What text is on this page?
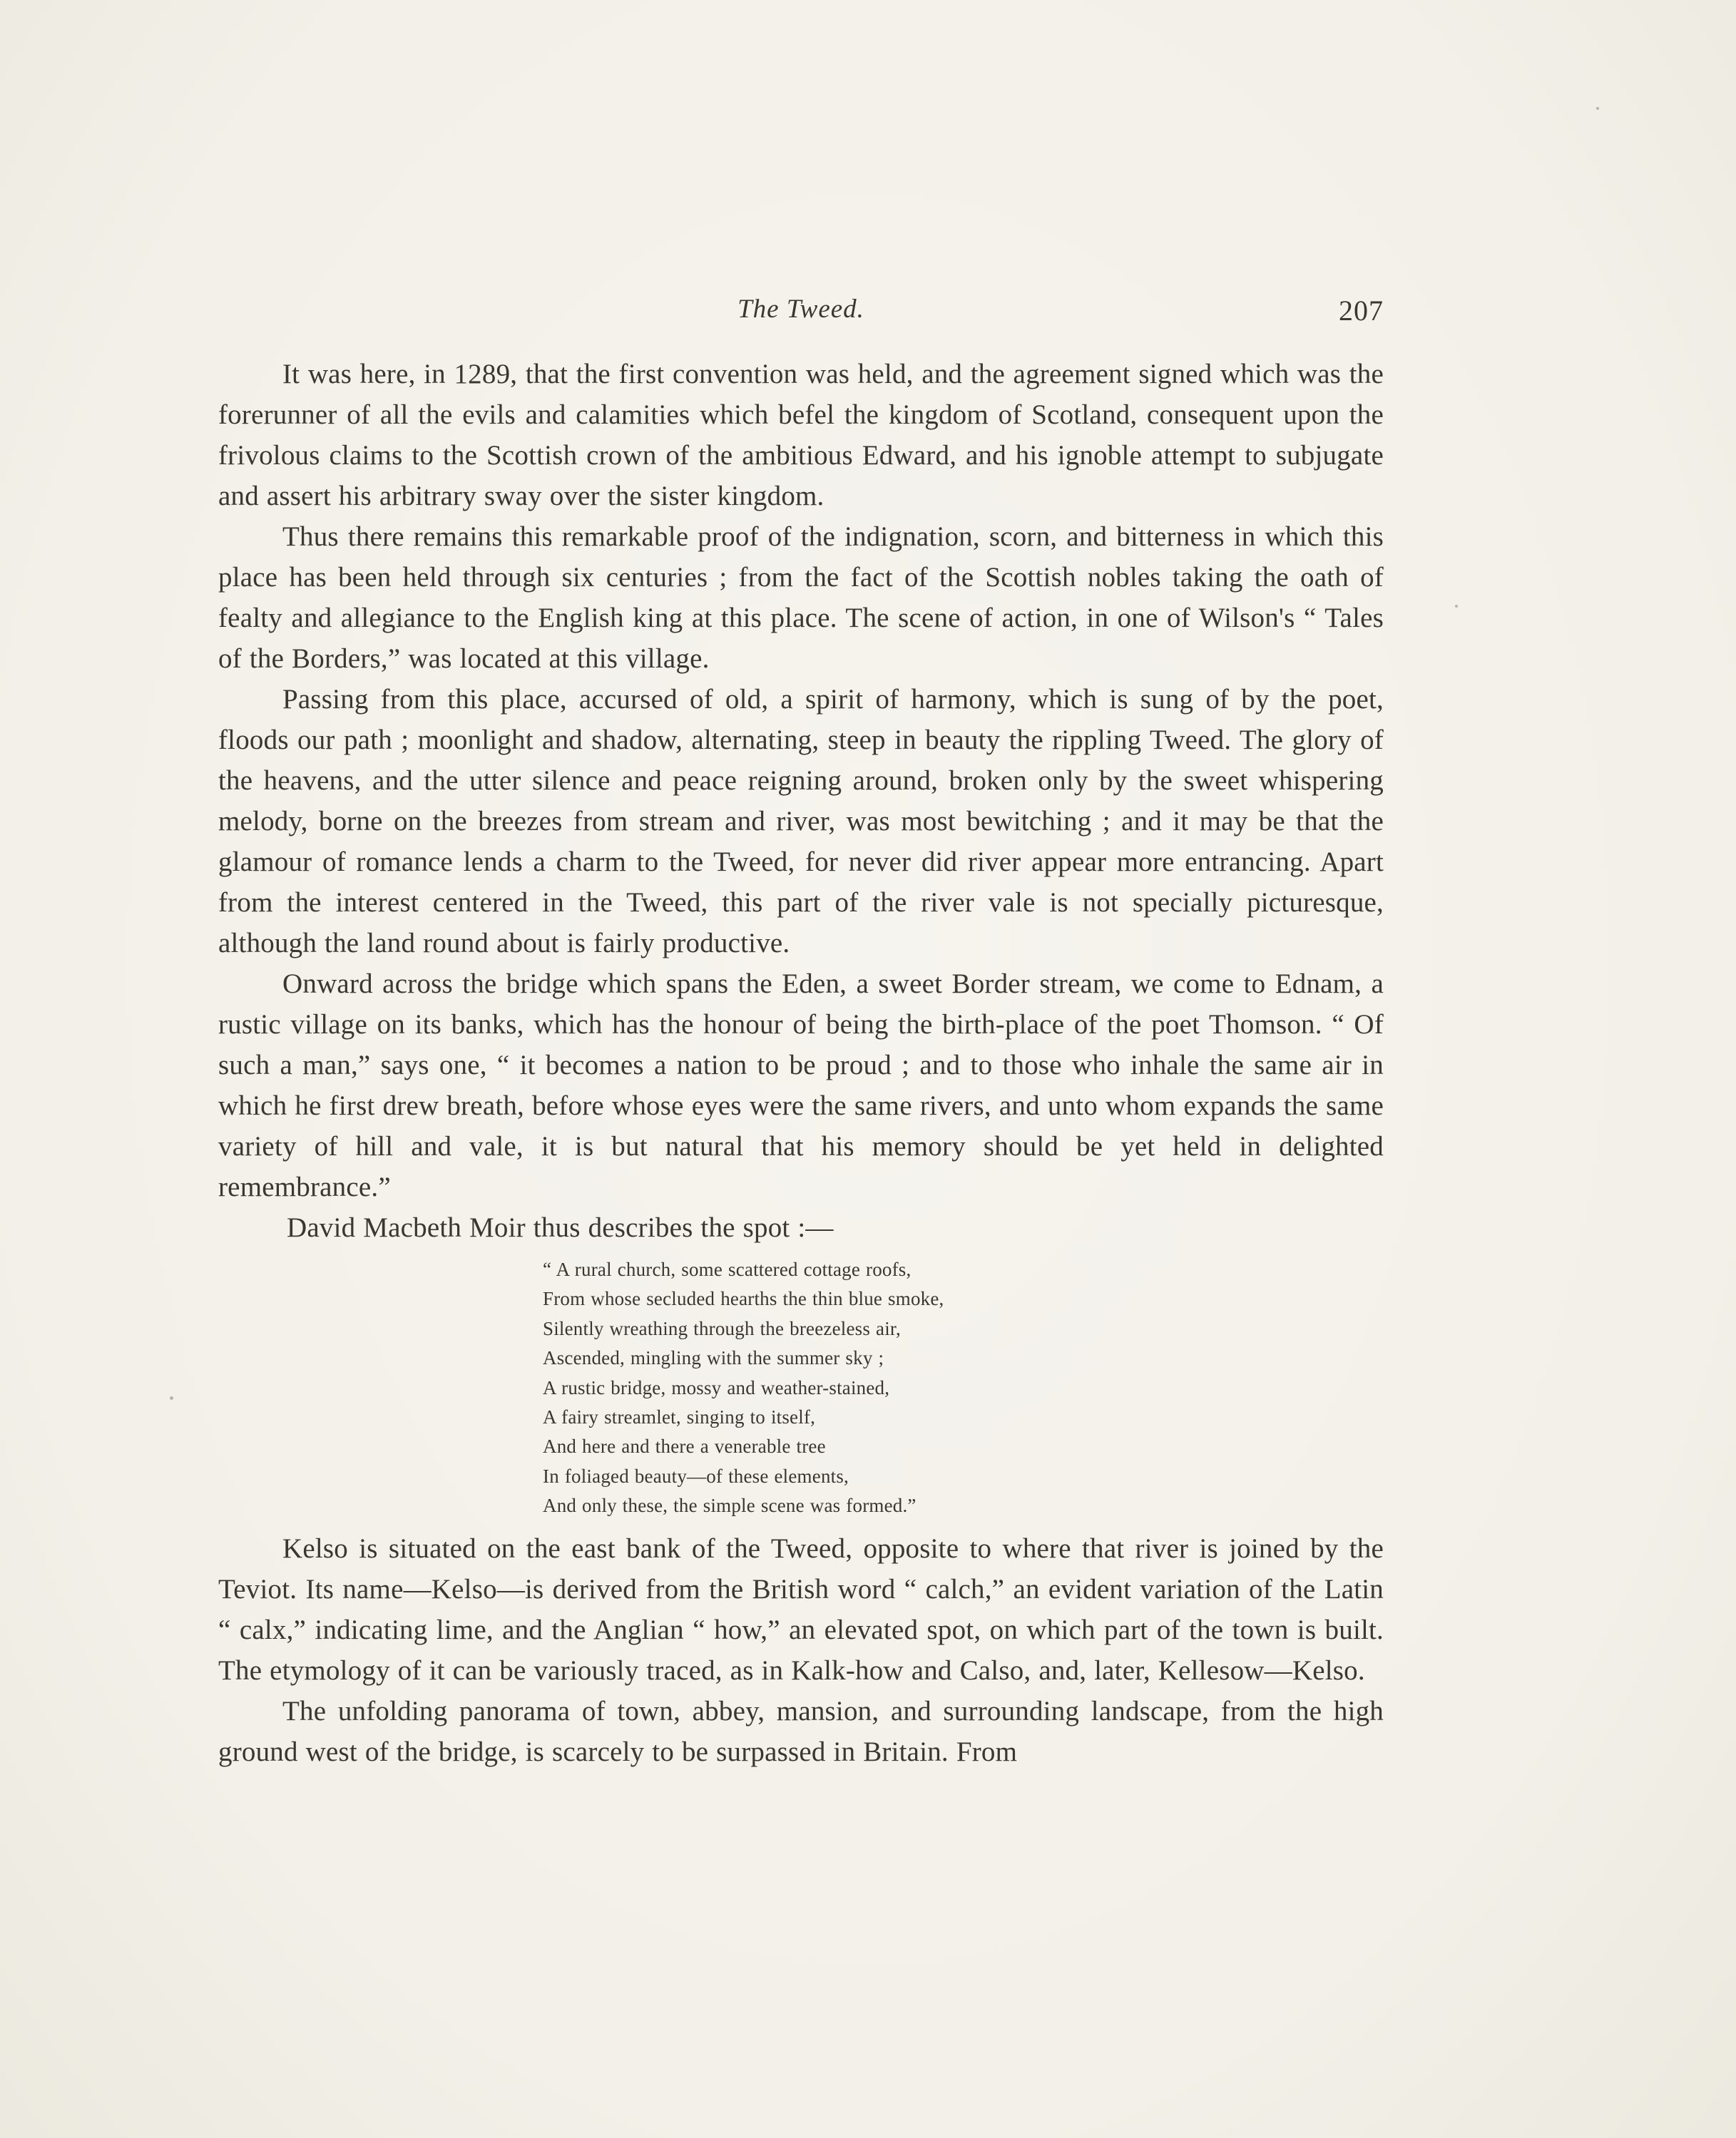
The Tweed.	207

It was here, in 1289, that the first convention was held, and the agreement signed which was the forerunner of all the evils and calamities which befel the kingdom of Scotland, consequent upon the frivolous claims to the Scottish crown of the ambitious Edward, and his ignoble attempt to subjugate and assert his arbitrary sway over the sister kingdom.

Thus there remains this remarkable proof of the indignation, scorn, and bitterness in which this place has been held through six centuries ; from the fact of the Scottish nobles taking the oath of fealty and allegiance to the English king at this place. The scene of action, in one of Wilson's “ Tales of the Borders,” was located at this village.

Passing from this place, accursed of old, a spirit of harmony, which is sung of by the poet, floods our path ; moonlight and shadow, alternating, steep in beauty the rippling Tweed. The glory of the heavens, and the utter silence and peace reigning around, broken only by the sweet whispering melody, borne on the breezes from stream and river, was most bewitching ; and it may be that the glamour of romance lends a charm to the Tweed, for never did river appear more entrancing. Apart from the interest centered in the Tweed, this part of the river vale is not specially picturesque, although the land round about is fairly productive.

Onward across the bridge which spans the Eden, a sweet Border stream, we come to Ednam, a rustic village on its banks, which has the honour of being the birth-place of the poet Thomson. “ Of such a man,” says one, “ it becomes a nation to be proud ; and to those who inhale the same air in which he first drew breath, before whose eyes were the same rivers, and unto whom expands the same variety of hill and vale, it is but natural that his memory should be yet held in delighted remembrance.”

David Macbeth Moir thus describes the spot :—

“ A rural church, some scattered cottage roofs,
From whose secluded hearths the thin blue smoke,
Silently wreathing through the breezeless air,
Ascended, mingling with the summer sky ;
A rustic bridge, mossy and weather-stained,
A fairy streamlet, singing to itself,
And here and there a venerable tree
In foliaged beauty—of these elements,
And only these, the simple scene was formed.”

Kelso is situated on the east bank of the Tweed, opposite to where that river is joined by the Teviot. Its name—Kelso—is derived from the British word “ calch,” an evident variation of the Latin “ calx,” indicating lime, and the Anglian “ how,” an elevated spot, on which part of the town is built. The etymology of it can be variously traced, as in Kalk-how and Calso, and, later, Kellesow—Kelso.

The unfolding panorama of town, abbey, mansion, and surrounding landscape, from the high ground west of the bridge, is scarcely to be surpassed in Britain. From
